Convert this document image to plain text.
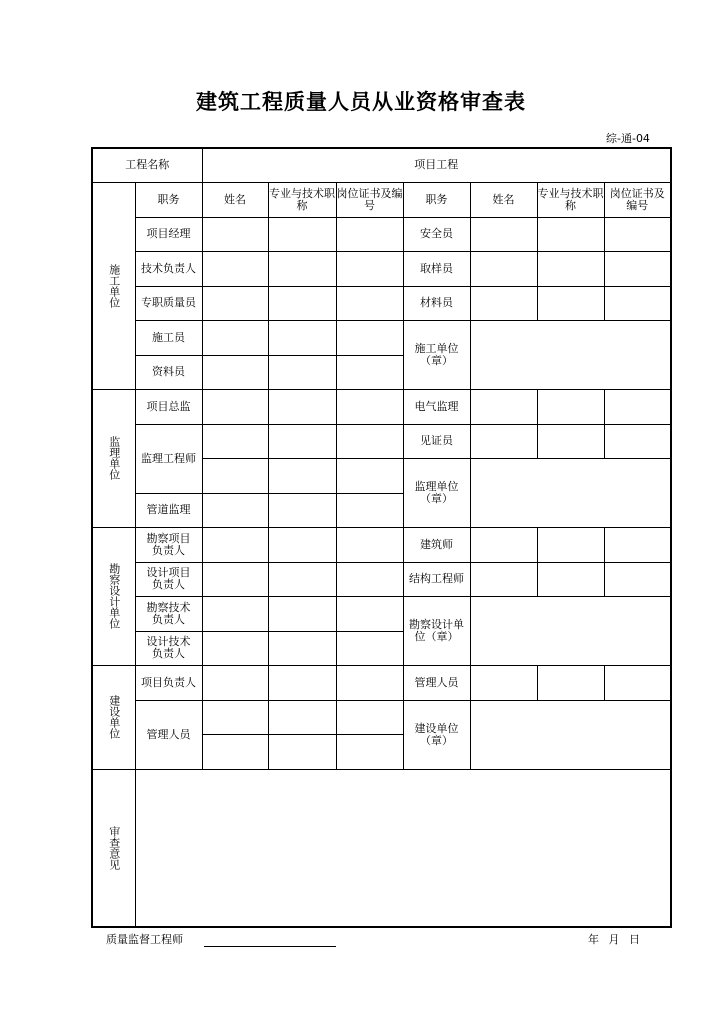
建筑工程质量人员从业资格审查表
综-通-04
工程名称		项目工程						

施工单位	职务	姓名	专业与技术职称	岗位证书及编号	职务	姓名	专业与技术职称	岗位证书及编号
	项目经理				安全员			
	技术负责人				取样员			
	专职质量员				材料员			
	施工员				施工单位（章）			

	资料员							

监理单位	项目总监				电气监理			
	监理工程师				见证员			

					监理单位（章）			

	管道监理							

勘察设计单位	勘察项目负责人				建筑师			

	设计项目负责人				结构工程师			

	勘察技术负责人				勘察设计单位（章）			

	设计技术负责人							

建设单位	项目负责人				管理人员			
	管理人员				建设单位（章）			

审查意见								

质量监督工程师	年 月 日
